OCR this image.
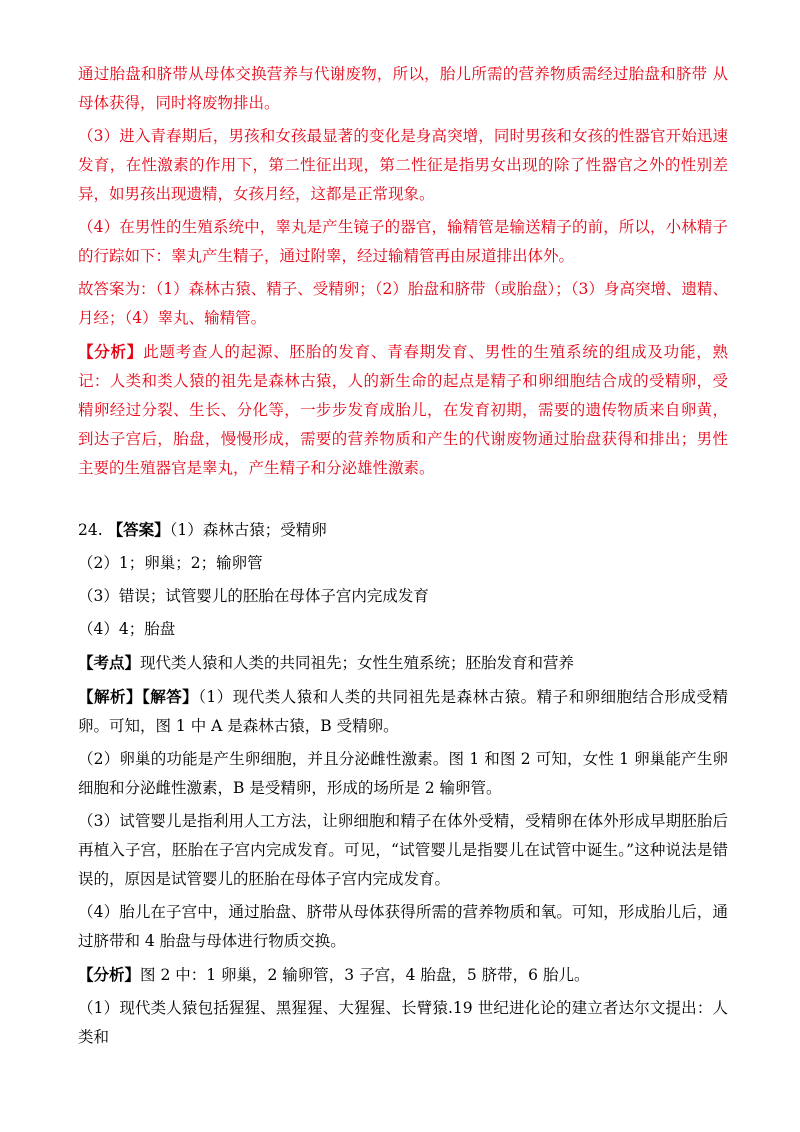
通过胎盘和脐带从母体交换营养与代谢废物，所以，胎儿所需的营养物质需经过胎盘和脐带 从母体获得，同时将废物排出。

（3）进入青春期后，男孩和女孩最显著的变化是身高突增，同时男孩和女孩的性器官开始迅速发育，在性激素的作用下，第二性征出现，第二性征是指男女出现的除了性器官之外的性别差异，如男孩出现遗精，女孩月经，这都是正常现象。

（4）在男性的生殖系统中，睾丸是产生镜子的器官，输精管是输送精子的前，所以，小林精子的行踪如下：睾丸产生精子，通过附睾，经过输精管再由尿道排出体外。

故答案为：（1）森林古猿、精子、受精卵；（2）胎盘和脐带（或胎盘）；（3）身高突增、遗精、月经；（4）睾丸、输精管。

【分析】此题考查人的起源、胚胎的发育、青春期发育、男性的生殖系统的组成及功能，熟记：人类和类人猿的祖先是森林古猿，人的新生命的起点是精子和卵细胞结合成的受精卵，受精卵经过分裂、生长、分化等，一步步发育成胎儿，在发育初期，需要的遗传物质来自卵黄，到达子宫后，胎盘，慢慢形成，需要的营养物质和产生的代谢废物通过胎盘获得和排出；男性主要的生殖器官是睾丸，产生精子和分泌雄性激素。

24. 【答案】（1）森林古猿；受精卵

（2）1；卵巢；2；输卵管

（3）错误；试管婴儿的胚胎在母体子宫内完成发育

（4）4；胎盘

【考点】现代类人猿和人类的共同祖先；女性生殖系统；胚胎发育和营养

【解析】【解答】（1）现代类人猿和人类的共同祖先是森林古猿。精子和卵细胞结合形成受精卵。可知，图 1 中 A 是森林古猿，B 受精卵。

（2）卵巢的功能是产生卵细胞，并且分泌雌性激素。图 1 和图 2 可知，女性 1 卵巢能产生卵细胞和分泌雌性激素，B 是受精卵，形成的场所是 2 输卵管。

（3）试管婴儿是指利用人工方法，让卵细胞和精子在体外受精，受精卵在体外形成早期胚胎后再植入子宫，胚胎在子宫内完成发育。可见，“试管婴儿是指婴儿在试管中诞生。”这种说法是错误的，原因是试管婴儿的胚胎在母体子宫内完成发育。

（4）胎儿在子宫中，通过胎盘、脐带从母体获得所需的营养物质和氧。可知，形成胎儿后，通过脐带和 4 胎盘与母体进行物质交换。

【分析】图 2 中：1 卵巢，2 输卵管，3 子宫，4 胎盘，5 脐带，6 胎儿。

（1）现代类人猿包括猩猩、黑猩猩、大猩猩、长臂猿.19 世纪进化论的建立者达尔文提出：人类和
